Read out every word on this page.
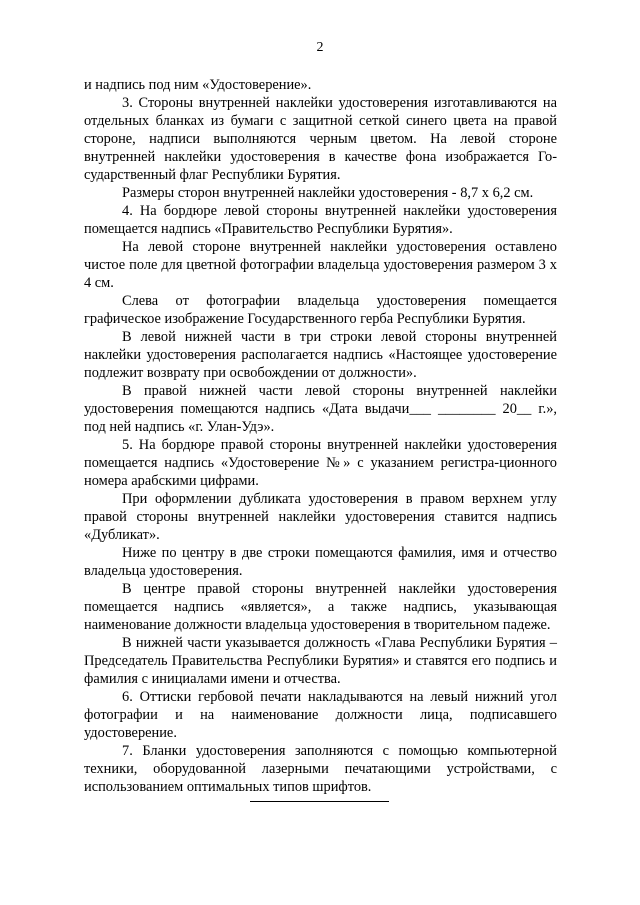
2

и надпись под ним «Удостоверение».

3. Стороны внутренней наклейки удостоверения изготавливаются на отдельных бланках из бумаги с защитной сеткой синего цвета на правой стороне, надписи выполняются черным цветом. На левой стороне внутренней наклейки удостоверения в качестве фона изображается Го-сударственный флаг Республики Бурятия.

Размеры сторон внутренней наклейки удостоверения - 8,7 х 6,2 см.

4. На бордюре левой стороны внутренней наклейки удостоверения помещается надпись «Правительство Республики Бурятия».

На левой стороне внутренней наклейки удостоверения оставлено чистое поле для цветной фотографии владельца удостоверения размером 3 х 4 см.

Слева от фотографии владельца удостоверения помещается графическое изображение Государственного герба Республики Бурятия.

В левой нижней части в три строки левой стороны внутренней наклейки удостоверения располагается надпись «Настоящее удостоверение подлежит возврату при освобождении от должности».

В правой нижней части левой стороны внутренней наклейки удостоверения помещаются надпись «Дата выдачи___ ________ 20__ г.», под ней надпись «г. Улан-Удэ».

5. На бордюре правой стороны внутренней наклейки удостоверения помещается надпись «Удостоверение №» с указанием регистра-ционного номера арабскими цифрами.

При оформлении дубликата удостоверения в правом верхнем углу правой стороны внутренней наклейки удостоверения ставится надпись «Дубликат».

Ниже по центру в две строки помещаются фамилия, имя и отчество владельца удостоверения.

В центре правой стороны внутренней наклейки удостоверения помещается надпись «является», а также надпись, указывающая наименование должности владельца удостоверения в творительном падеже.

В нижней части указывается должность «Глава Республики Бурятия – Председатель Правительства Республики Бурятия» и ставятся его подпись и фамилия с инициалами имени и отчества.

6. Оттиски гербовой печати накладываются на левый нижний угол фотографии и на наименование должности лица, подписавшего удостоверение.

7. Бланки удостоверения заполняются с помощью компьютерной техники, оборудованной лазерными печатающими устройствами, с использованием оптимальных типов шрифтов.
